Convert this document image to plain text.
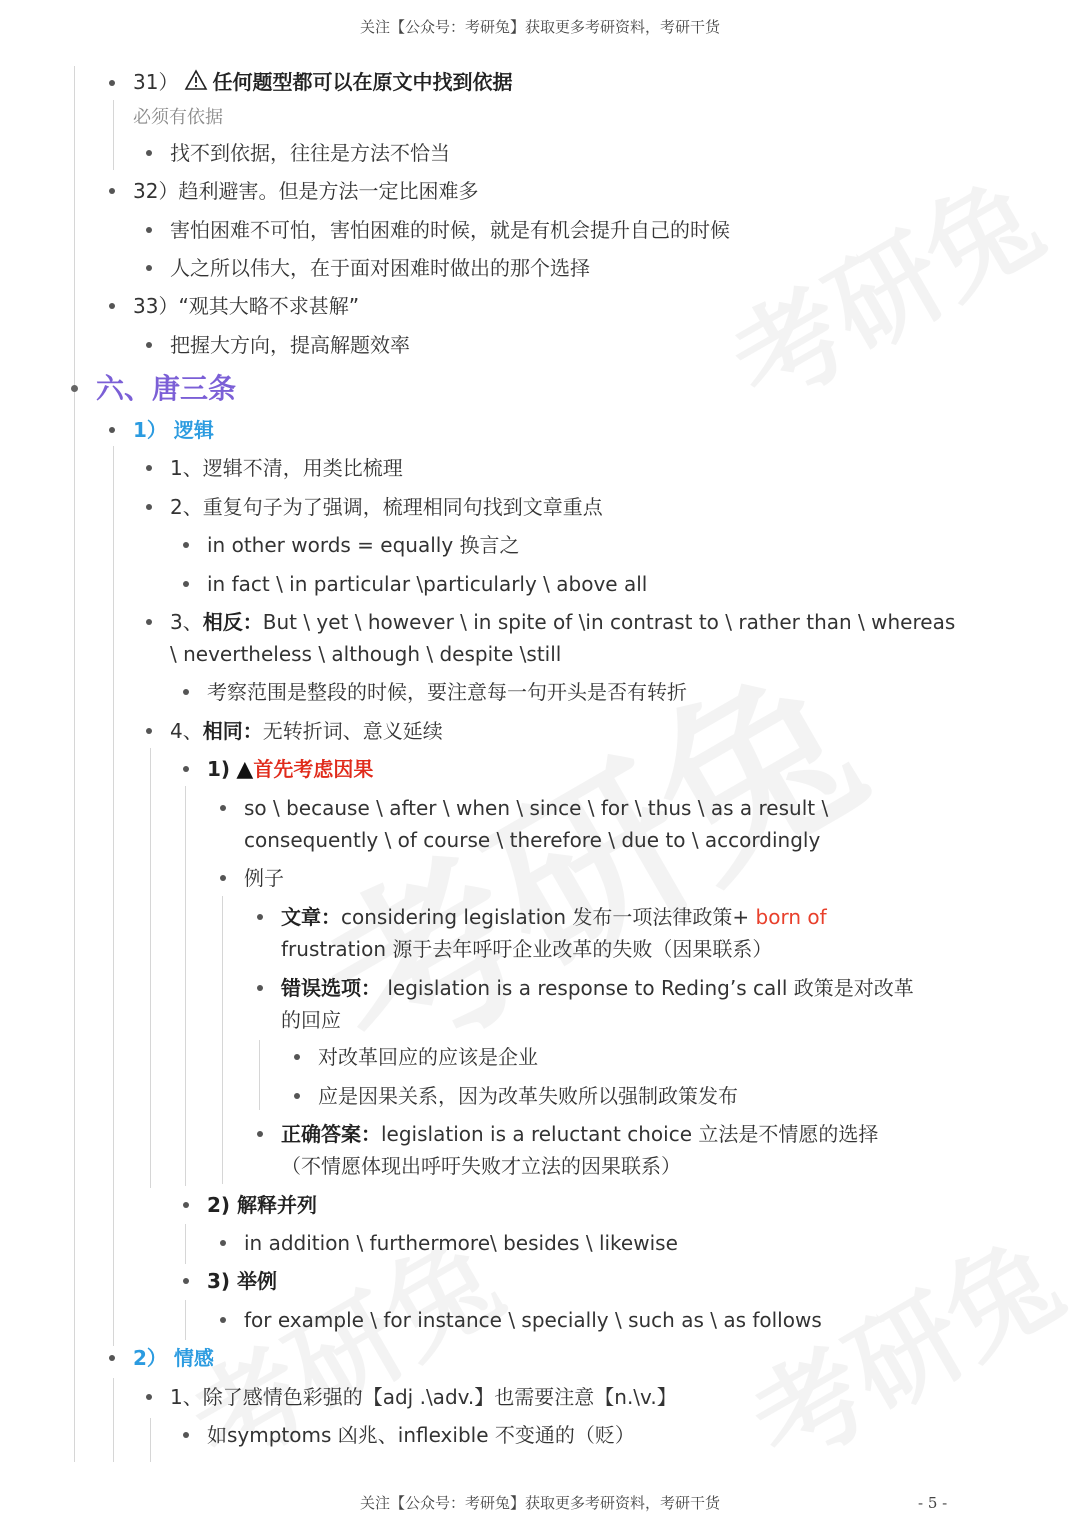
关注【公众号：考研兔】获取更多考研资料，考研干货
关注【公众号：考研兔】获取更多考研资料，考研干货	- 5 -
31） 任何题型都可以在原文中找到依据
必须有依据
找不到依据，往往是方法不恰当
32）趋利避害。但是方法一定比困难多
害怕困难不可怕，害怕困难的时候，就是有机会提升自己的时候
人之所以伟大，在于面对困难时做出的那个选择
33）“观其大略不求甚解”
把握大方向，提高解题效率
六、唐三条
1） 逻辑
1、逻辑不清，用类比梳理
2、重复句子为了强调，梳理相同句找到文章重点
in other words = equally 换言之
in fact \ in particular \particularly \ above all
3、相反：But \ yet \ however \ in spite of \in contrast to \ rather than \ whereas
\ nevertheless \ although \ despite \still
考察范围是整段的时候，要注意每一句开头是否有转折
4、相同：无转折词、意义延续
1) ▲首先考虑因果
so \ because \ after \ when \ since \ for \ thus \ as a result \
consequently \ of course \ therefore \ due to \ accordingly
例子
文章：considering legislation 发布一项法律政策+ born of
frustration 源于去年呼吁企业改革的失败（因果联系）
错误选项： legislation is a response to Reding’s call 政策是对改革
的回应
对改革回应的应该是企业
应是因果关系，因为改革失败所以强制政策发布
正确答案：legislation is a reluctant choice 立法是不情愿的选择
（不情愿体现出呼吁失败才立法的因果联系）
2) 解释并列
in addition \ furthermore\ besides \ likewise
3) 举例
for example \ for instance \ specially \ such as \ as follows
2） 情感
1、除了感情色彩强的【adj .\adv.】也需要注意【n.\v.】
如symptoms 凶兆、inflexible 不变通的（贬）
